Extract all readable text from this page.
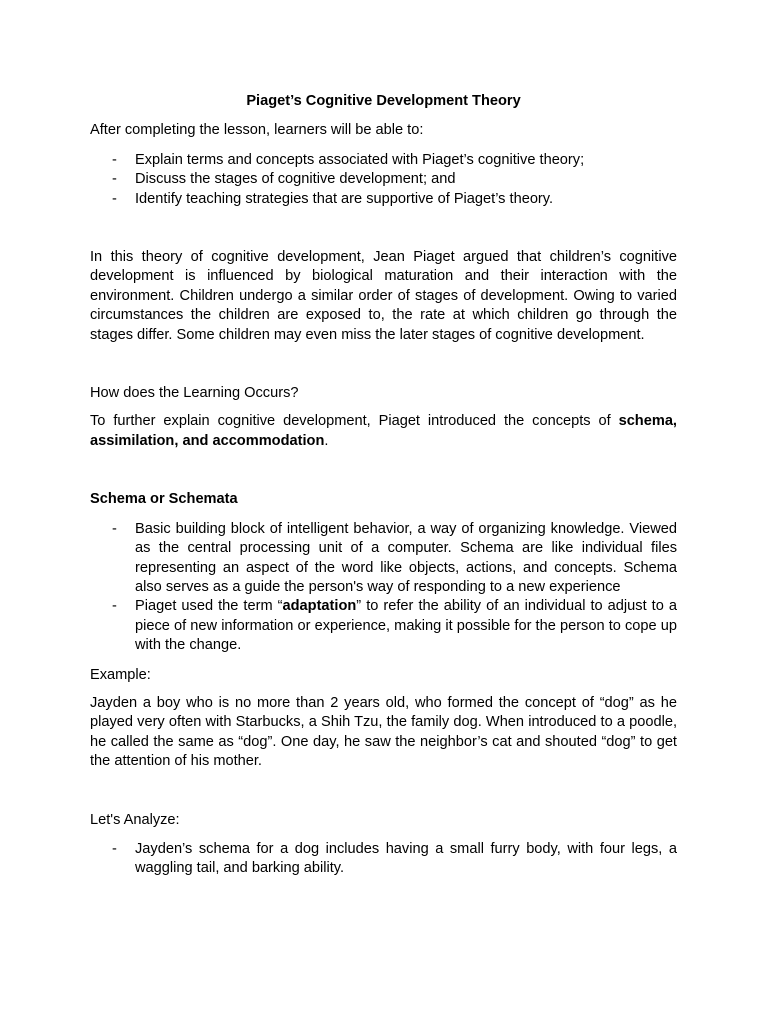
Piaget’s Cognitive Development Theory

After completing the lesson, learners will be able to:

- Explain terms and concepts associated with Piaget’s cognitive theory;
- Discuss the stages of cognitive development; and
- Identify teaching strategies that are supportive of Piaget’s theory.

In this theory of cognitive development, Jean Piaget argued that children’s cognitive development is influenced by biological maturation and their interaction with the environment. Children undergo a similar order of stages of development. Owing to varied circumstances the children are exposed to, the rate at which children go through the stages differ. Some children may even miss the later stages of cognitive development.

How does the Learning Occurs?

To further explain cognitive development, Piaget introduced the concepts of schema, assimilation, and accommodation.

Schema or Schemata

- Basic building block of intelligent behavior, a way of organizing knowledge. Viewed as the central processing unit of a computer. Schema are like individual files representing an aspect of the word like objects, actions, and concepts. Schema also serves as a guide the person's way of responding to a new experience
- Piaget used the term “adaptation” to refer the ability of an individual to adjust to a piece of new information or experience, making it possible for the person to cope up with the change.

Example:

Jayden a boy who is no more than 2 years old, who formed the concept of “dog” as he played very often with Starbucks, a Shih Tzu, the family dog. When introduced to a poodle, he called the same as “dog”. One day, he saw the neighbor’s cat and shouted “dog” to get the attention of his mother.

Let's Analyze:

- Jayden’s schema for a dog includes having a small furry body, with four legs, a waggling tail, and barking ability.
